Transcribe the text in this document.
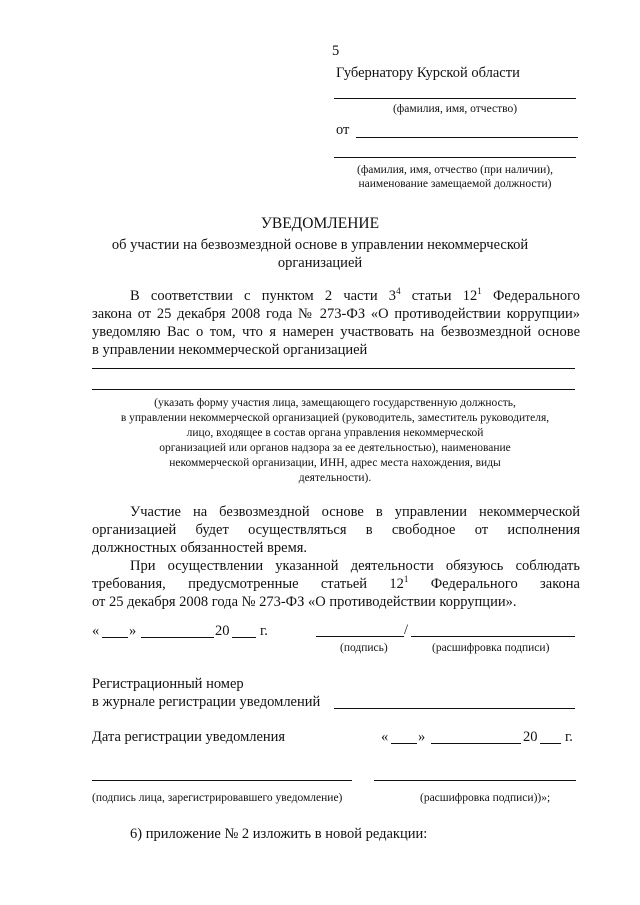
5
Губернатору Курской области
(фамилия, имя, отчество)
от
(фамилия, имя, отчество (при наличии),
наименование замещаемой должности)
УВЕДОМЛЕНИЕ
об участии на безвозмездной основе в управлении некоммерческой
организацией
В соответствии с пунктом 2 части $3^4$ статьи $12^1$ Федерального
закона от 25 декабря 2008 года № 273-ФЗ «О противодействии коррупции»
уведомляю Вас о том, что я намерен участвовать на безвозмездной основе
в управлении некоммерческой организацией
(указать форму участия лица, замещающего государственную должность,
в управлении некоммерческой организацией (руководитель, заместитель руководителя,
лицо, входящее в состав органа управления некоммерческой
организацией или органов надзора за ее деятельностью), наименование
некоммерческой организации, ИНН, адрес места нахождения, виды
деятельности).
Участие на безвозмездной основе в управлении некоммерческой
организацией будет осуществляться в свободное от исполнения
должностных обязанностей время.
При осуществлении указанной деятельности обязуюсь соблюдать
требования, предусмотренные статьей $12^1$ Федерального закона
от 25 декабря 2008 года № 273-ФЗ «О противодействии коррупции».
« »	20 г.	/
(подпись)	(расшифровка подписи)
Регистрационный номер
в журнале регистрации уведомлений
Дата регистрации уведомления	« »	20 г.
(подпись лица, зарегистрировавшего уведомление)	(расшифровка подписи))»;
6) приложение № 2 изложить в новой редакции:
